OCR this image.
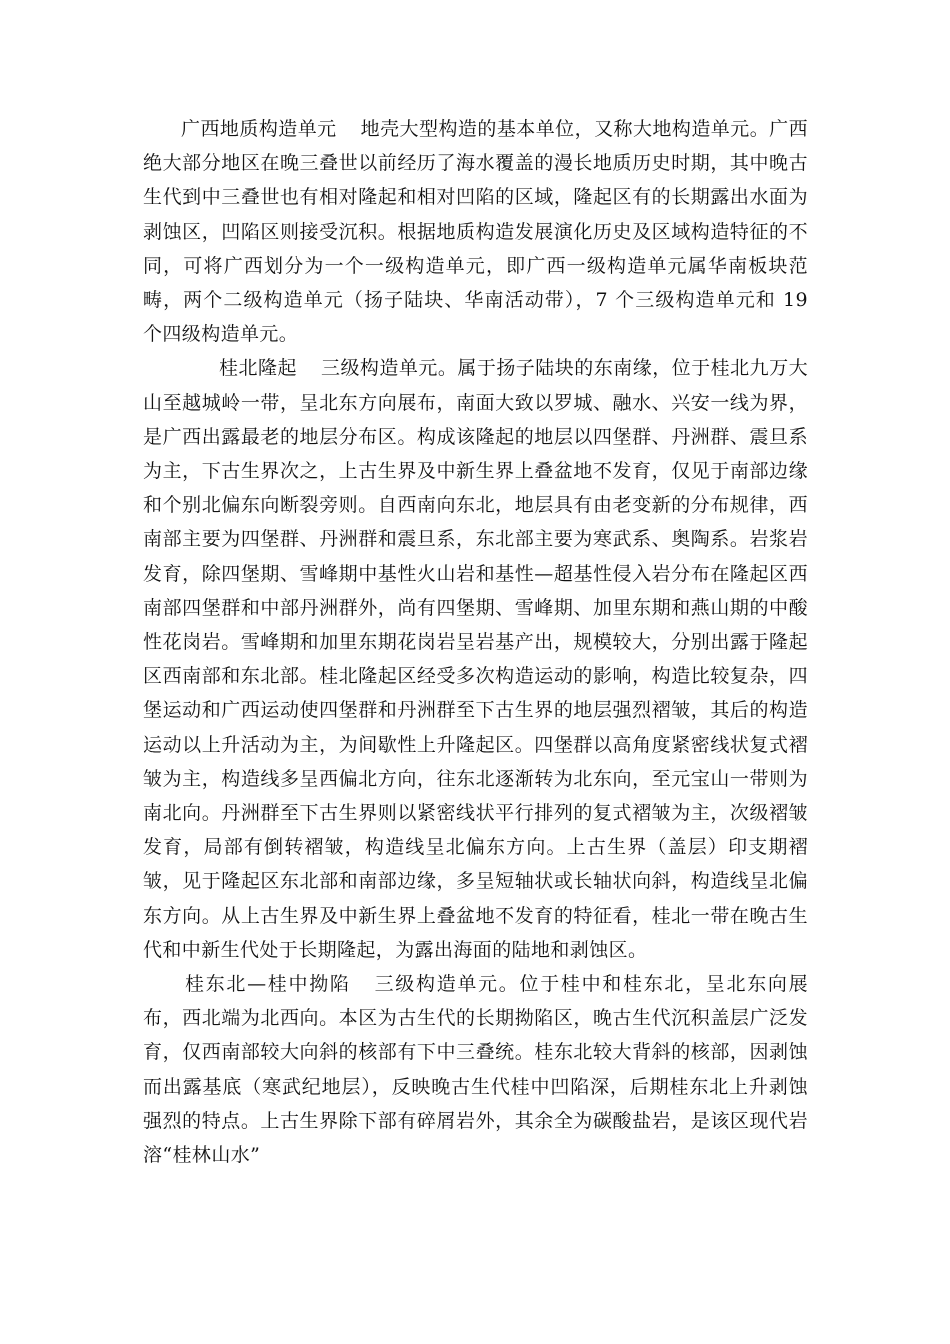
广西地质构造单元 地壳大型构造的基本单位，又称大地构造单元。广西绝大部分地区在晚三叠世以前经历了海水覆盖的漫长地质历史时期，其中晚古生代到中三叠世也有相对隆起和相对凹陷的区域，隆起区有的长期露出水面为剥蚀区，凹陷区则接受沉积。根据地质构造发展演化历史及区域构造特征的不同，可将广西划分为一个一级构造单元，即广西一级构造单元属华南板块范畴，两个二级构造单元（扬子陆块、华南活动带），7 个三级构造单元和 19 个四级构造单元。

桂北隆起 三级构造单元。属于扬子陆块的东南缘，位于桂北九万大山至越城岭一带，呈北东方向展布，南面大致以罗城、融水、兴安一线为界，是广西出露最老的地层分布区。构成该隆起的地层以四堡群、丹洲群、震旦系为主，下古生界次之，上古生界及中新生界上叠盆地不发育，仅见于南部边缘和个别北偏东向断裂旁则。自西南向东北，地层具有由老变新的分布规律，西南部主要为四堡群、丹洲群和震旦系，东北部主要为寒武系、奥陶系。岩浆岩发育，除四堡期、雪峰期中基性火山岩和基性—超基性侵入岩分布在隆起区西南部四堡群和中部丹洲群外，尚有四堡期、雪峰期、加里东期和燕山期的中酸性花岗岩。雪峰期和加里东期花岗岩呈岩基产出，规模较大，分别出露于隆起区西南部和东北部。桂北隆起区经受多次构造运动的影响，构造比较复杂，四堡运动和广西运动使四堡群和丹洲群至下古生界的地层强烈褶皱，其后的构造运动以上升活动为主，为间歇性上升隆起区。四堡群以高角度紧密线状复式褶皱为主，构造线多呈西偏北方向，往东北逐渐转为北东向，至元宝山一带则为南北向。丹洲群至下古生界则以紧密线状平行排列的复式褶皱为主，次级褶皱发育，局部有倒转褶皱，构造线呈北偏东方向。上古生界（盖层）印支期褶皱，见于隆起区东北部和南部边缘，多呈短轴状或长轴状向斜，构造线呈北偏东方向。从上古生界及中新生界上叠盆地不发育的特征看，桂北一带在晚古生代和中新生代处于长期隆起，为露出海面的陆地和剥蚀区。

桂东北—桂中拗陷 三级构造单元。位于桂中和桂东北，呈北东向展布，西北端为北西向。本区为古生代的长期拗陷区，晚古生代沉积盖层广泛发育，仅西南部较大向斜的核部有下中三叠统。桂东北较大背斜的核部，因剥蚀而出露基底（寒武纪地层），反映晚古生代桂中凹陷深，后期桂东北上升剥蚀强烈的特点。上古生界除下部有碎屑岩外，其余全为碳酸盐岩，是该区现代岩溶“桂林山水”
